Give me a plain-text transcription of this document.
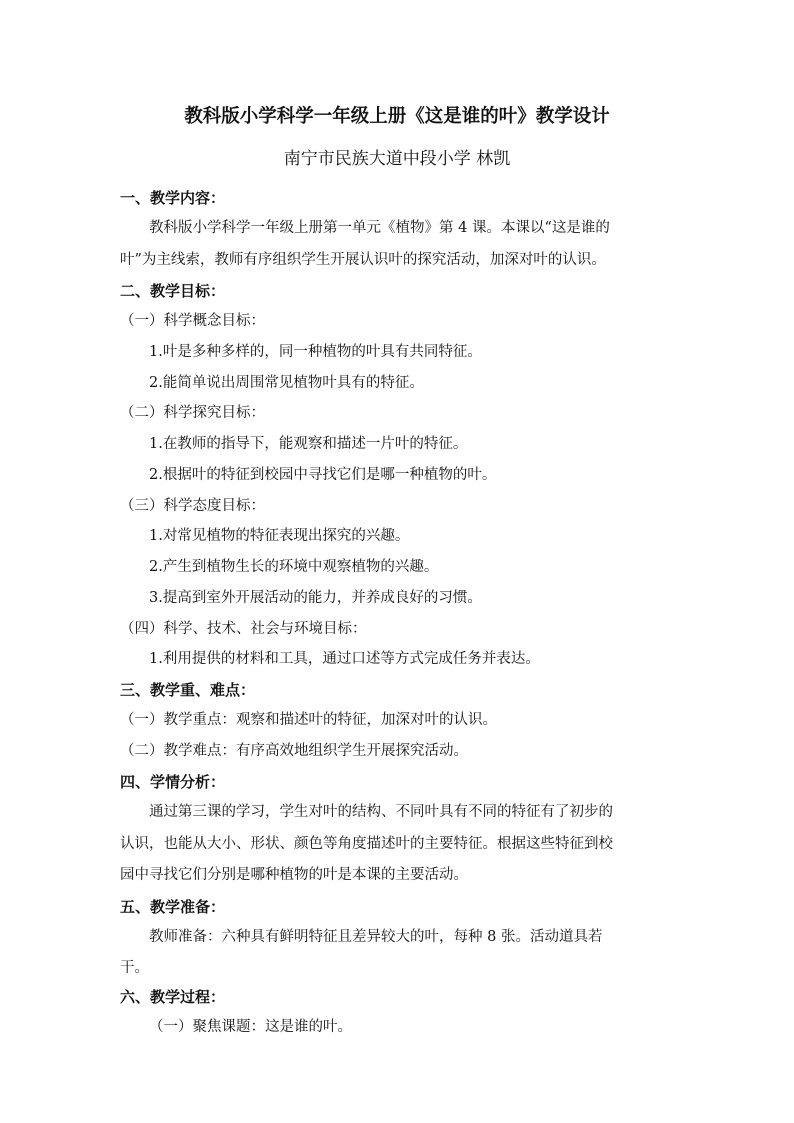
教科版小学科学一年级上册《这是谁的叶》教学设计
南宁市民族大道中段小学 林凯
一、教学内容：
教科版小学科学一年级上册第一单元《植物》第 4 课。本课以“这是谁的
叶”为主线索，教师有序组织学生开展认识叶的探究活动，加深对叶的认识。
二、教学目标：
（一）科学概念目标：
1.叶是多种多样的，同一种植物的叶具有共同特征。
2.能简单说出周围常见植物叶具有的特征。
（二）科学探究目标：
1.在教师的指导下，能观察和描述一片叶的特征。
2.根据叶的特征到校园中寻找它们是哪一种植物的叶。
（三）科学态度目标：
1.对常见植物的特征表现出探究的兴趣。
2.产生到植物生长的环境中观察植物的兴趣。
3.提高到室外开展活动的能力，并养成良好的习惯。
（四）科学、技术、社会与环境目标：
1.利用提供的材料和工具，通过口述等方式完成任务并表达。
三、教学重、难点：
（一）教学重点：观察和描述叶的特征，加深对叶的认识。
（二）教学难点：有序高效地组织学生开展探究活动。
四、学情分析：
通过第三课的学习，学生对叶的结构、不同叶具有不同的特征有了初步的
认识，也能从大小、形状、颜色等角度描述叶的主要特征。根据这些特征到校
园中寻找它们分别是哪种植物的叶是本课的主要活动。
五、教学准备：
教师准备：六种具有鲜明特征且差异较大的叶，每种 8 张。活动道具若
干。
六、教学过程：
（一）聚焦课题：这是谁的叶。
